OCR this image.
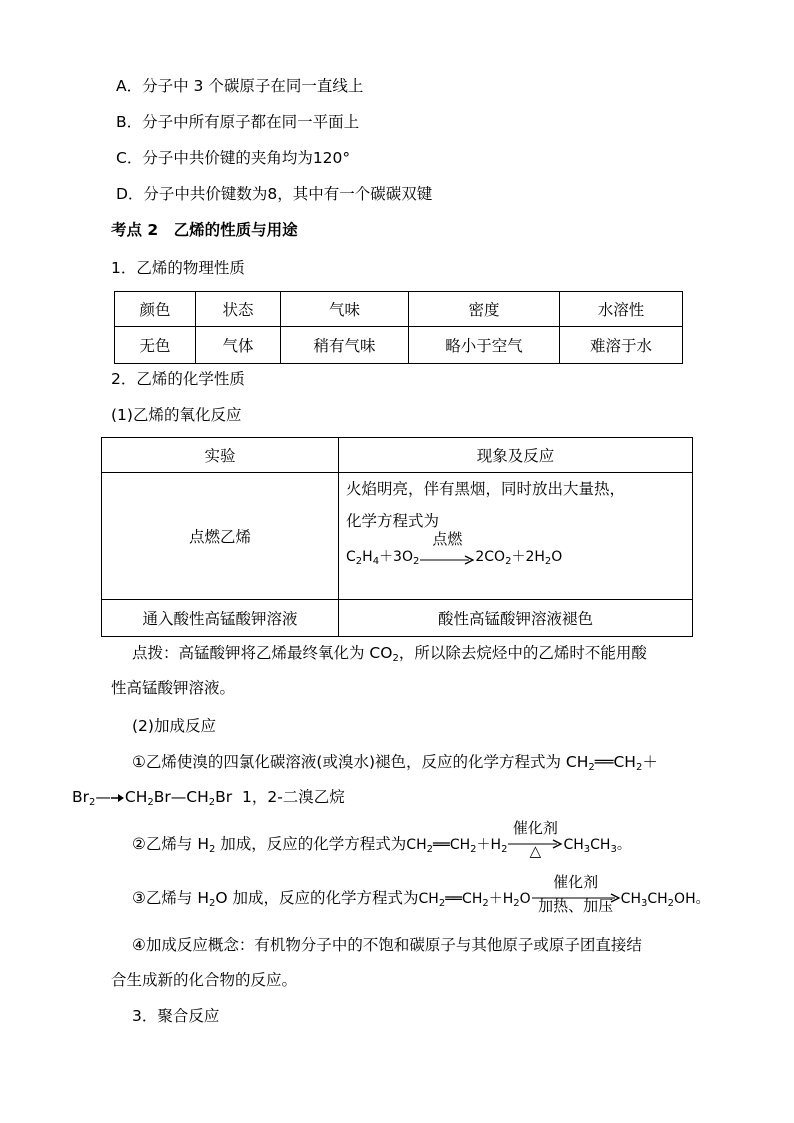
A．分子中 3 个碳原子在同一直线上
B．分子中所有原子都在同一平面上
C．分子中共价键的夹角均为120°
D．分子中共价键数为8，其中有一个碳碳双键
考点 2　乙烯的性质与用途
1．乙烯的物理性质
颜色	状态	气味	密度	水溶性
无色	气体	稍有气味	略小于空气	难溶于水
2．乙烯的化学性质
(1)乙烯的氧化反应
实验	现象及反应
点燃乙烯	火焰明亮，伴有黑烟，同时放出大量热，
化学方程式为
$C_2H_4+3O_2$
点燃
$2CO_2+2H_2O$

通入酸性高锰酸钾溶液	酸性高锰酸钾溶液褪色
点拨：高锰酸钾将乙烯最终氧化为 $CO_2$，所以除去烷烃中的乙烯时不能用酸
性高锰酸钾溶液。
(2)加成反应
①乙烯使溴的四氯化碳溶液(或溴水)褪色，反应的化学方程式为 $CH_2══CH_2+$
$Br_2—$ $CH_2Br—CH_2Br$  1，2-二溴乙烷
②乙烯与 $H_2$ 加成，反应的化学方程式为$CH_2══CH_2+H_2$
催化剂
△	$CH_3CH_3$。
③乙烯与 $H_2O$ 加成，反应的化学方程式为$CH_2══CH_2+H_2O$
催化剂
加热、加压 $CH_3CH_2OH$。
④加成反应概念：有机物分子中的不饱和碳原子与其他原子或原子团直接结
合生成新的化合物的反应。
3．聚合反应
